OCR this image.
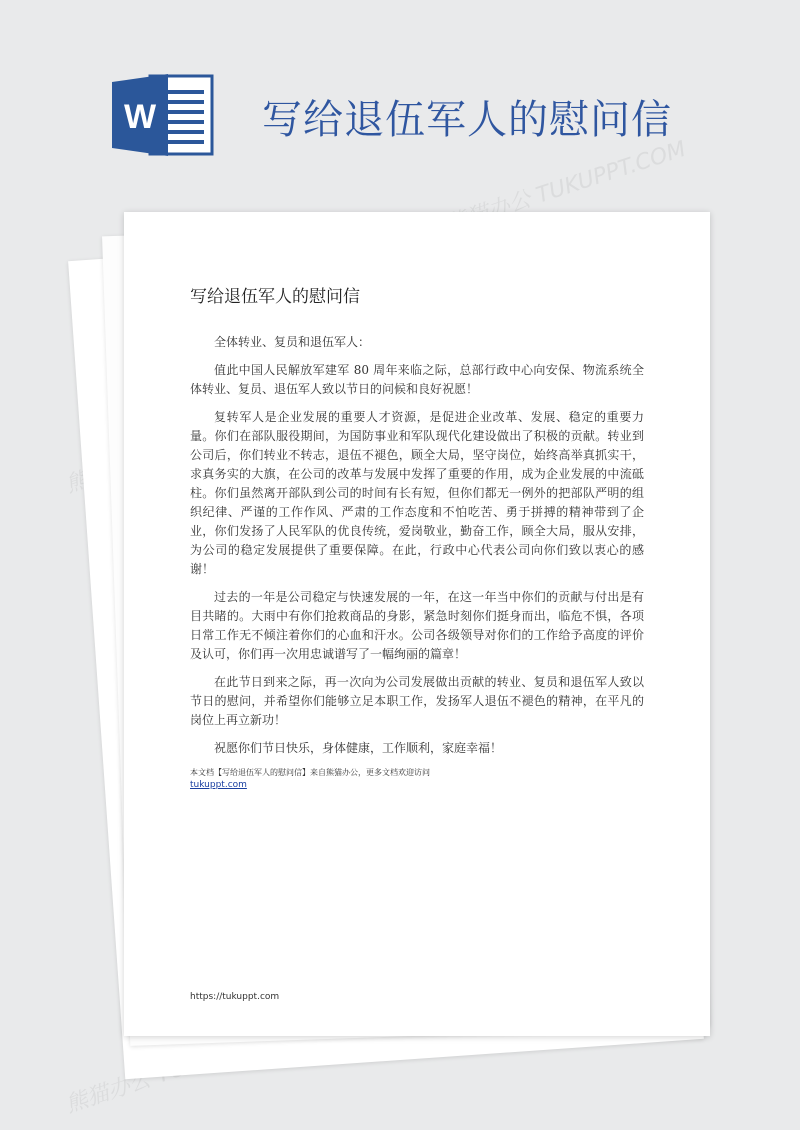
W	写给退伍军人的慰问信
熊猫办公 TUKUPPT.COM
熊猫办公
写给退伍军人的慰问信

全体转业、复员和退伍军人：

值此中国人民解放军建军 80 周年来临之际，总部行政中心向安保、物流系统全体转业、复员、退伍军人致以节日的问候和良好祝愿！

复转军人是企业发展的重要人才资源，是促进企业改革、发展、稳定的重要力量。你们在部队服役期间，为国防事业和军队现代化建设做出了积极的贡献。转业到公司后，你们转业不转志，退伍不褪色，顾全大局，坚守岗位，始终高举真抓实干，求真务实的大旗，在公司的改革与发展中发挥了重要的作用，成为企业发展的中流砥柱。你们虽然离开部队到公司的时间有长有短，但你们都无一例外的把部队严明的组织纪律、严谨的工作作风、严肃的工作态度和不怕吃苦、勇于拼搏的精神带到了企业，你们发扬了人民军队的优良传统，爱岗敬业，勤奋工作，顾全大局，服从安排，为公司的稳定发展提供了重要保障。在此，行政中心代表公司向你们致以衷心的感谢！

过去的一年是公司稳定与快速发展的一年，在这一年当中你们的贡献与付出是有 目共睹的。大雨中有你们抢救商品的身影，紧急时刻你们挺身而出，临危不惧，各项日常工作无不倾注着你们的心血和汗水。公司各级领导对你们的工作给予高度的评价及认可，你们再一次用忠诚谱写了一幅绚丽的篇章！

在此节日到来之际，再一次向为公司发展做出贡献的转业、复员和退伍军人致以节日的慰问，并希望你们能够立足本职工作，发扬军人退伍不褪色的精神，在平凡的岗位上再立新功！

祝愿你们节日快乐，身体健康，工作顺利，家庭幸福！

本文档【写给退伍军人的慰问信】来自熊猫办公，更多文档欢迎访问
tukuppt.com
https://tukuppt.com
